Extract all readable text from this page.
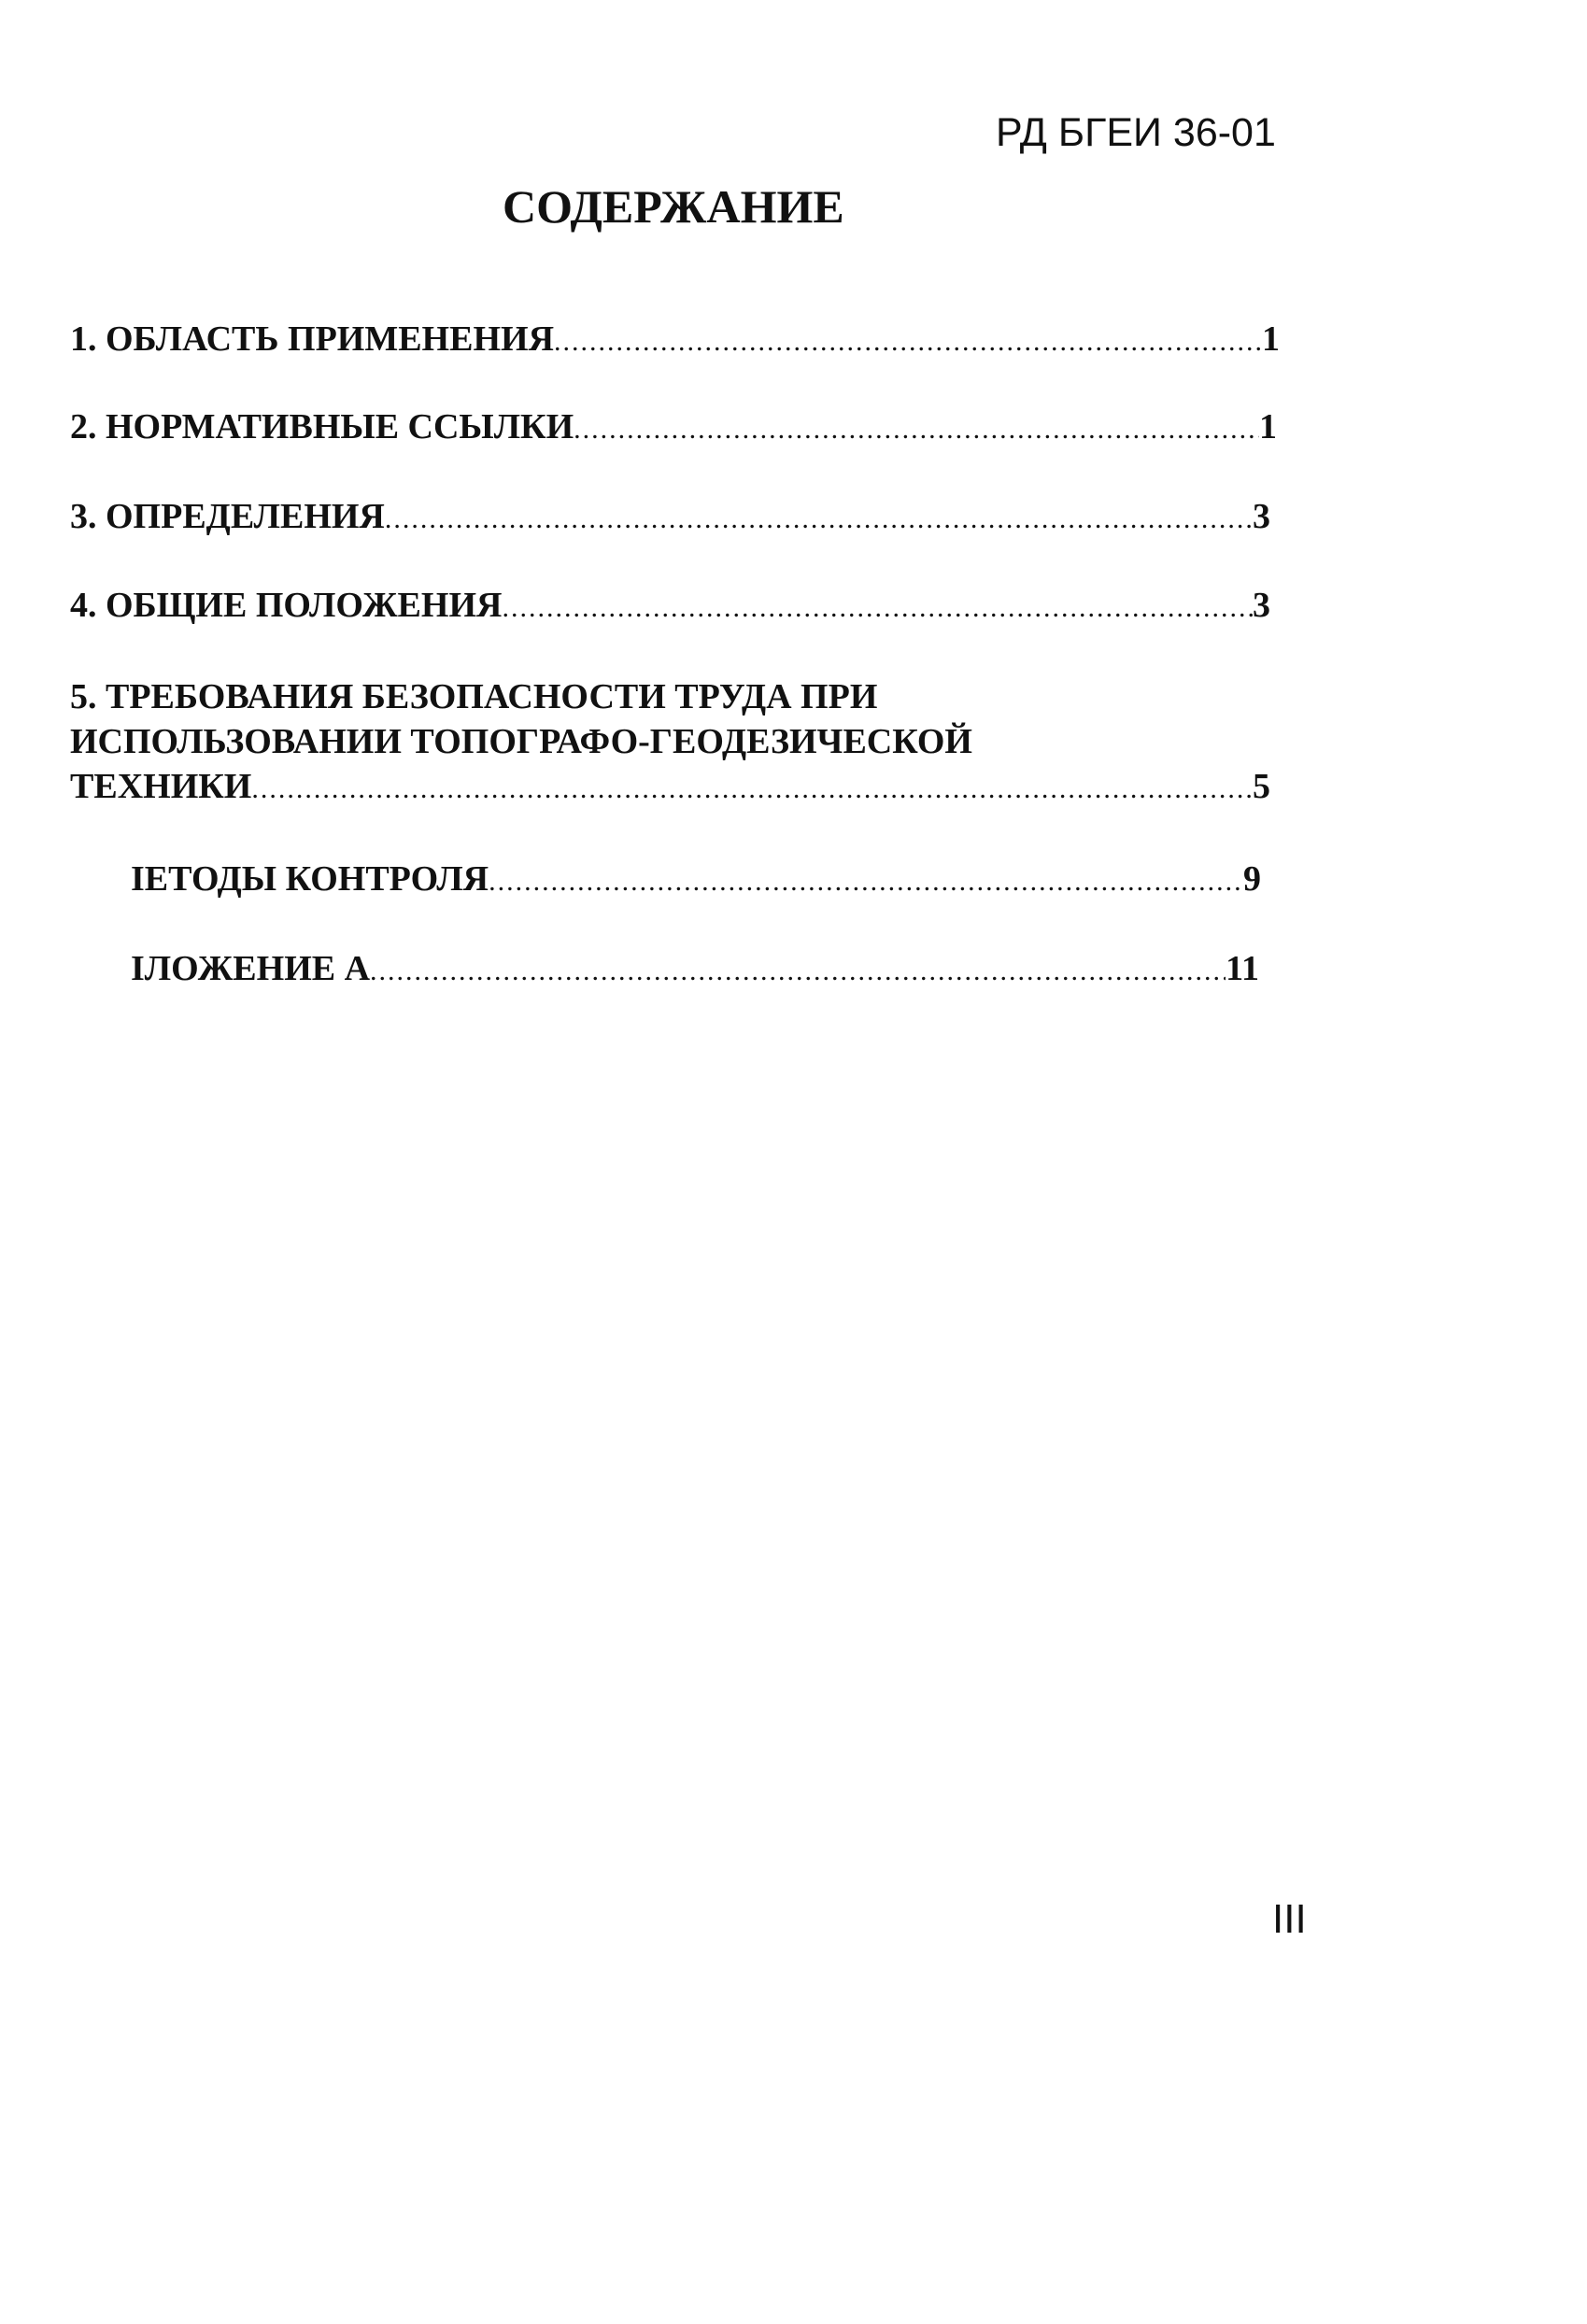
РД БГЕИ 36-01
СОДЕРЖАНИЕ
1. ОБЛАСТЬ ПРИМЕНЕНИЯ .....	1
2. НОРМАТИВНЫЕ ССЫЛКИ .....	1
3. ОПРЕДЕЛЕНИЯ .....	3
4. ОБЩИЕ ПОЛОЖЕНИЯ .....	3
5. ТРЕБОВАНИЯ БЕЗОПАСНОСТИ ТРУДА ПРИ
ИСПОЛЬЗОВАНИИ ТОПОГРАФО-ГЕОДЕЗИЧЕСКОЙ
ТЕХНИКИ .....	5
ІЕТОДЫ КОНТРОЛЯ .....	9
ІЛОЖЕНИЕ А .....	11
III
